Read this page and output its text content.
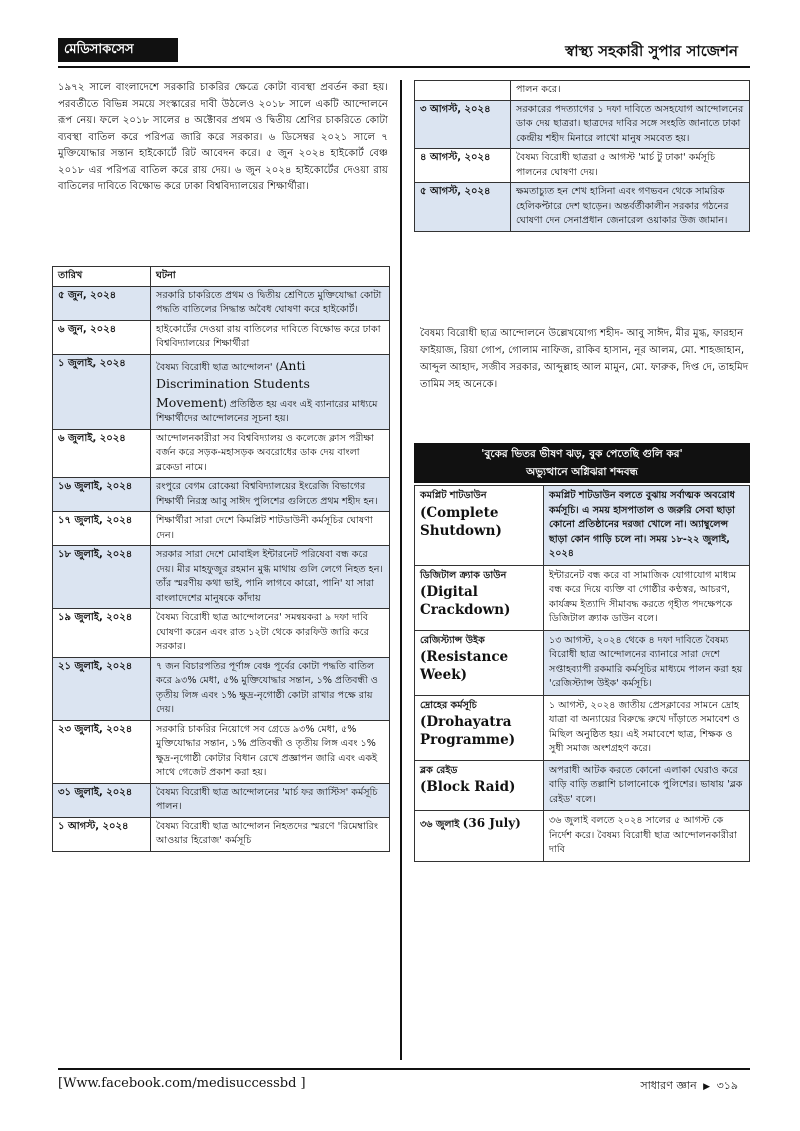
মেডিসাকসেস	স্বাস্থ্য সহকারী সুপার সাজেশন
১৯৭২ সালে বাংলাদেশে সরকারি চাকরির ক্ষেত্রে কোটা ব্যবস্থা প্রবর্তন করা হয়। পরবর্তীতে বিভিন্ন সময়ে সংস্কারের দাবী উঠলেও ২০১৮ সালে একটি আন্দোলনে রূপ নেয়। ফলে ২০১৮ সালের ৪ অক্টোবর প্রথম ও দ্বিতীয় শ্রেণির চাকরিতে কোটা ব্যবস্থা বাতিল করে পরিপত্র জারি করে সরকার। ৬ ডিসেম্বর ২০২১ সালে ৭ মুক্তিযোদ্ধার সন্তান হাইকোর্টে রিট আবেদন করে। ৫ জুন ২০২৪ হাইকোর্ট বেঞ্চ ২০১৮ এর পরিপত্র বাতিল করে রায় দেয়। ৬ জুন ২০২৪ হাইকোর্টের দেওয়া রায় বাতিলের দাবিতে বিক্ষোভ করে ঢাকা বিশ্ববিদ্যালয়ের শিক্ষার্থীরা।
তারিখ	ঘটনা
৫ জুন, ২০২৪	সরকারি চাকরিতে প্রথম ও দ্বিতীয় শ্রেণিতে মুক্তিযোদ্ধা কোটা পদ্ধতি বাতিলের সিদ্ধান্ত অবৈধ ঘোষণা করে হাইকোর্ট।
৬ জুন, ২০২৪	হাইকোর্টের দেওয়া রায় বাতিলের দাবিতে বিক্ষোভ করে ঢাকা বিশ্ববিদ্যালয়ের শিক্ষার্থীরা
১ জুলাই, ২০২৪	বৈষম্য বিরোধী ছাত্র আন্দোলন' (Anti Discrimination Students Movement) প্রতিষ্ঠিত হয় এবং এই ব্যানারের মাধ্যমে শিক্ষার্থীদের আন্দোলনের সূচনা হয়।
৬ জুলাই, ২০২৪	আন্দোলনকারীরা সব বিশ্ববিদ্যালয় ও কলেজে ক্লাস পরীক্ষা বর্জন করে সড়ক-মহাসড়ক অবরোধের ডাক দেয় বাংলা ব্লকেডা নামে।
১৬ জুলাই, ২০২৪	রংপুরে বেগম রোকেয়া বিশ্ববিদ্যালয়ের ইংরেজি বিভাগের শিক্ষার্থী নিরস্ত্র আবু সাঈদ পুলিশের গুলিতে প্রথম শহীদ হন।
১৭ জুলাই, ২০২৪	শিক্ষার্থীরা সারা দেশে কিমপ্লিট শাটডাউনী কর্মসূচির ঘোষণা দেন।
১৮ জুলাই, ২০২৪	সরকার সারা দেশে মোবাইল ইন্টারনেট পরিষেবা বন্ধ করে দেয়। মীর মাহফুজুর রহমান মুগ্ধ মাথায় গুলি লেগে নিহত হন। তাঁর স্মরণীয় কথা ভাই, পানি লাগবে কারো, পানি' যা সারা বাংলাদেশের মানুষকে কাঁদায়
১৯ জুলাই, ২০২৪	বৈষম্য বিরোধী ছাত্র আন্দোলনের' সমন্বয়করা ৯ দফা দাবি ঘোষণা করেন এবং রাত ১২টা থেকে কারফিউ জারি করে সরকার।
২১ জুলাই, ২০২৪	৭ জন বিচারপতির পূর্ণাঙ্গ বেঞ্চ পূর্বের কোটা পদ্ধতি বাতিল করে ৯৩% মেধা, ৫% মুক্তিযোদ্ধার সন্তান, ১% প্রতিবন্ধী ও তৃতীয় লিঙ্গ এবং ১% ক্ষুদ্র-নৃগোষ্ঠী কোটা রাখার পক্ষে রায় দেয়।
২৩ জুলাই, ২০২৪	সরকারি চাকরির নিয়োগে সব গ্রেডে ৯৩% মেধা, ৫% মুক্তিযোদ্ধার সন্তান, ১% প্রতিবন্ধী ও তৃতীয় লিঙ্গ এবং ১% ক্ষুদ্র-নৃগোষ্ঠী কোটার বিধান রেখে প্রজ্ঞাপন জারি এবং একই সাথে গেজেট প্রকাশ করা হয়।
৩১ জুলাই, ২০২৪	বৈষম্য বিরোধী ছাত্র আন্দোলনের 'মার্চ ফর জাস্টিস' কর্মসূচি পালন।
১ আগস্ট, ২০২৪	বৈষম্য বিরোধী ছাত্র আন্দোলন নিহতদের স্মরণে 'রিমেম্বারিং আওয়ার হিরোজ' কর্মসূচি
	পালন করে।
৩ আগস্ট, ২০২৪	সরকারের পদত্যাগের ১ দফা দাবিতে অসহযোগ আন্দোলনের ডাক দেয় ছাত্ররা। ছাত্রদের দাবির সঙ্গে সংহতি জানাতে ঢাকা কেন্দ্রীয় শহীদ মিনারে লাখো মানুষ সমবেত হয়।
৪ আগস্ট, ২০২৪	বৈষম্য বিরোধী ছাত্ররা ৫ আগস্ট 'মার্চ টু ঢাকা' কর্মসূচি পালনের ঘোষণা দেয়।
৫ আগস্ট, ২০২৪	ক্ষমতাচ্যুত হন শেখ হাসিনা এবং গণভবন থেকে সামরিক হেলিকপ্টারে দেশ ছাড়েন। অন্তর্বর্তীকালীন সরকার গঠনের ঘোষণা দেন সেনাপ্রধান জেনারেল ওয়াকার উজ জামান।
বৈষম্য বিরোধী ছাত্র আন্দোলনে উল্লেখযোগ্য শহীদ- আবু সাঈদ, মীর মুগ্ধ, ফারহান ফাইয়াজ, রিয়া গোপ, গোলাম নাফিজ, রাকিব হাসান, নূর আলম, মো. শাহজাহান, আব্দুল আহাদ, সজীব সরকার, আব্দুল্লাহ আল মামুন, মো. ফারুক, দিপ্ত দে, তাহমিদ তামিম সহ অনেকে।
'বুকের ভিতর ভীষণ ঝড়, বুক পেতেছি গুলি কর'
অভ্যুত্থানে অগ্নিঝরা শব্দবন্ধ
কমপ্লিট শাটডাউন
(Complete Shutdown)	কমপ্লিট শাটডাউন বলতে বুঝায় সর্বাত্মক অবরোধ কর্মসূচি। এ সময় হাসপাতাল ও জরুরি সেবা ছাড়া কোনো প্রতিষ্ঠানের দরজা খোলে না। অ্যাম্বুলেন্স ছাড়া কোন গাড়ি চলে না। সময় ১৮-২২ জুলাই, ২০২৪

ডিজিটাল ক্র্যাক ডাউন
(Digital Crackdown)	ইন্টারনেট বন্ধ করে বা সামাজিক যোগাযোগ মাধ্যম বন্ধ করে দিয়ে ব্যক্তি বা গোষ্ঠীর কণ্ঠস্বর, আচরণ, কার্যক্রম ইত্যাদি সীমাবদ্ধ করতে গৃহীত পদক্ষেপকে ডিজিটাল ক্র্যাক ডাউন বলে।

রেজিস্ট্যান্স উইক
(Resistance Week)	১৩ আগস্ট, ২০২৪ থেকে ৪ দফা দাবিতে বৈষম্য বিরোধী ছাত্র আন্দোলনের ব্যানারে সারা দেশে সপ্তাহব্যাপী রকমারি কর্মসূচির মাধ্যমে পালন করা হয় 'রেজিস্ট্যান্স উইক' কর্মসূচি।

দ্রোহের কর্মসূচি
(Drohayatra Programme)	১ আগস্ট, ২০২৪ জাতীয় প্রেসক্লাবের সামনে দ্রোহ যাত্রা বা অন্যায়ের বিরুদ্ধে রুখে দাঁড়াতে সমাবেশ ও মিছিল অনুষ্ঠিত হয়। এই সমাবেশে ছাত্র, শিক্ষক ও সুধী সমাজ অংশগ্রহণ করে।

ব্লক রেইড
(Block Raid)	অপরাধী আটক করতে কোনো এলাকা ঘেরাও করে বাড়ি বাড়ি তল্লাশি চালানোকে পুলিশের। ভাষায় 'ব্লক রেইড' বলে।
৩৬ জুলাই (36 July)	৩৬ জুলাই বলতে ২০২৪ সালের ৫ আগস্ট কে নির্দেশ করে। বৈষম্য বিরোধী ছাত্র আন্দোলনকারীরা দাবি
[Www.facebook.com/medisuccessbd ]	সাধারণ জ্ঞান ▶ ৩১৯
